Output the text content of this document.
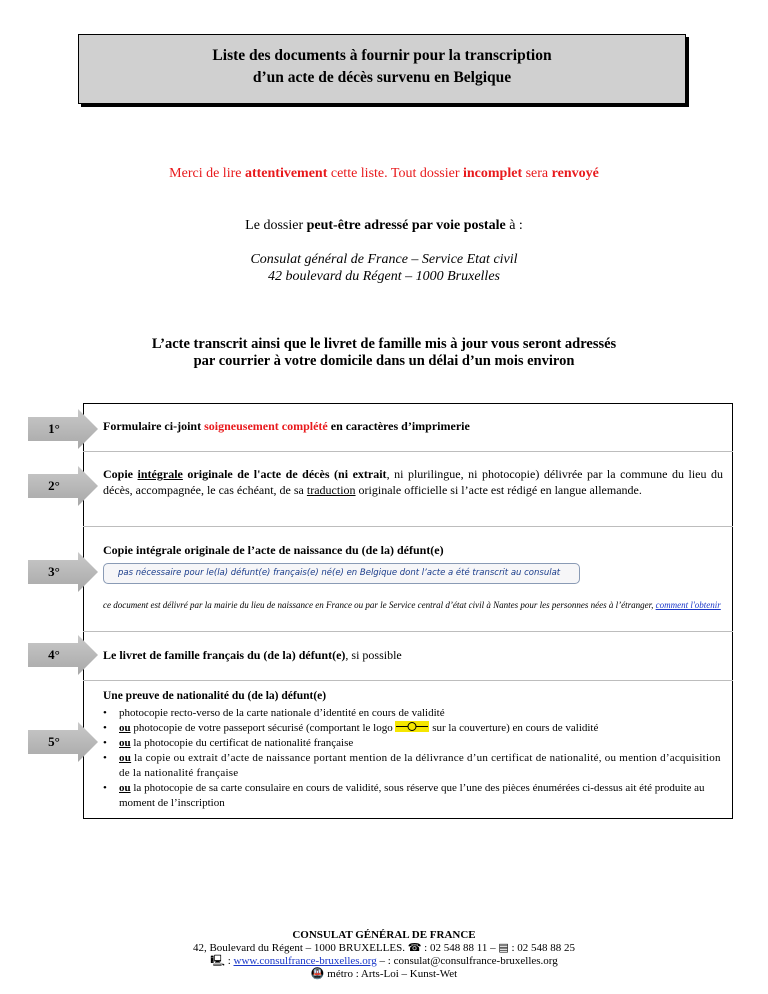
Liste des documents à fournir pour la transcription
d’un acte de décès survenu en Belgique
Merci de lire attentivement cette liste. Tout dossier incomplet sera renvoyé
Le dossier peut-être adressé par voie postale à :
Consulat général de France – Service Etat civil
42 boulevard du Régent – 1000 Bruxelles
L’acte transcrit ainsi que le livret de famille mis à jour vous seront adressés
par courrier à votre domicile dans un délai d’un mois environ
1°
2°
3°
4°
5°
Formulaire ci-joint soigneusement complété en caractères d’imprimerie
Copie intégrale originale de l'acte de décès (ni extrait, ni plurilingue, ni photocopie) délivrée par la commune du lieu du décès, accompagnée, le cas échéant, de sa traduction originale officielle si l’acte est rédigé en langue allemande.
Copie intégrale originale de l’acte de naissance du (de la) défunt(e)
pas nécessaire pour le(la) défunt(e) français(e) né(e) en Belgique dont l’acte a été transcrit au consulat
ce document est délivré par la mairie du lieu de naissance en France ou par le Service central d’état civil à Nantes pour les personnes nées à l’étranger, comment l'obtenir
Le livret de famille français du (de la) défunt(e), si possible
Une preuve de nationalité du (de la) défunt(e)
• photocopie recto-verso de la carte nationale d’identité en cours de validité
• ou photocopie de votre passeport sécurisé (comportant le logo	sur la couverture) en cours de validité
• ou la photocopie du certificat de nationalité française
• ou la copie ou extrait d’acte de naissance portant mention de la délivrance d’un certificat de nationalité, ou mention d’acquisition de la nationalité française
• ou la photocopie de sa carte consulaire en cours de validité, sous réserve que l’une des pièces énumérées ci-dessus ait été produite au moment de l’inscription
CONSULAT GÉNÉRAL DE FRANCE
42, Boulevard du Régent – 1000 BRUXELLES. ☎ : 02 548 88 11 – ▤ : 02 548 88 25
🖳 : www.consulfrance-bruxelles.org – : consulat@consulfrance-bruxelles.org
🚇 métro : Arts-Loi – Kunst-Wet
